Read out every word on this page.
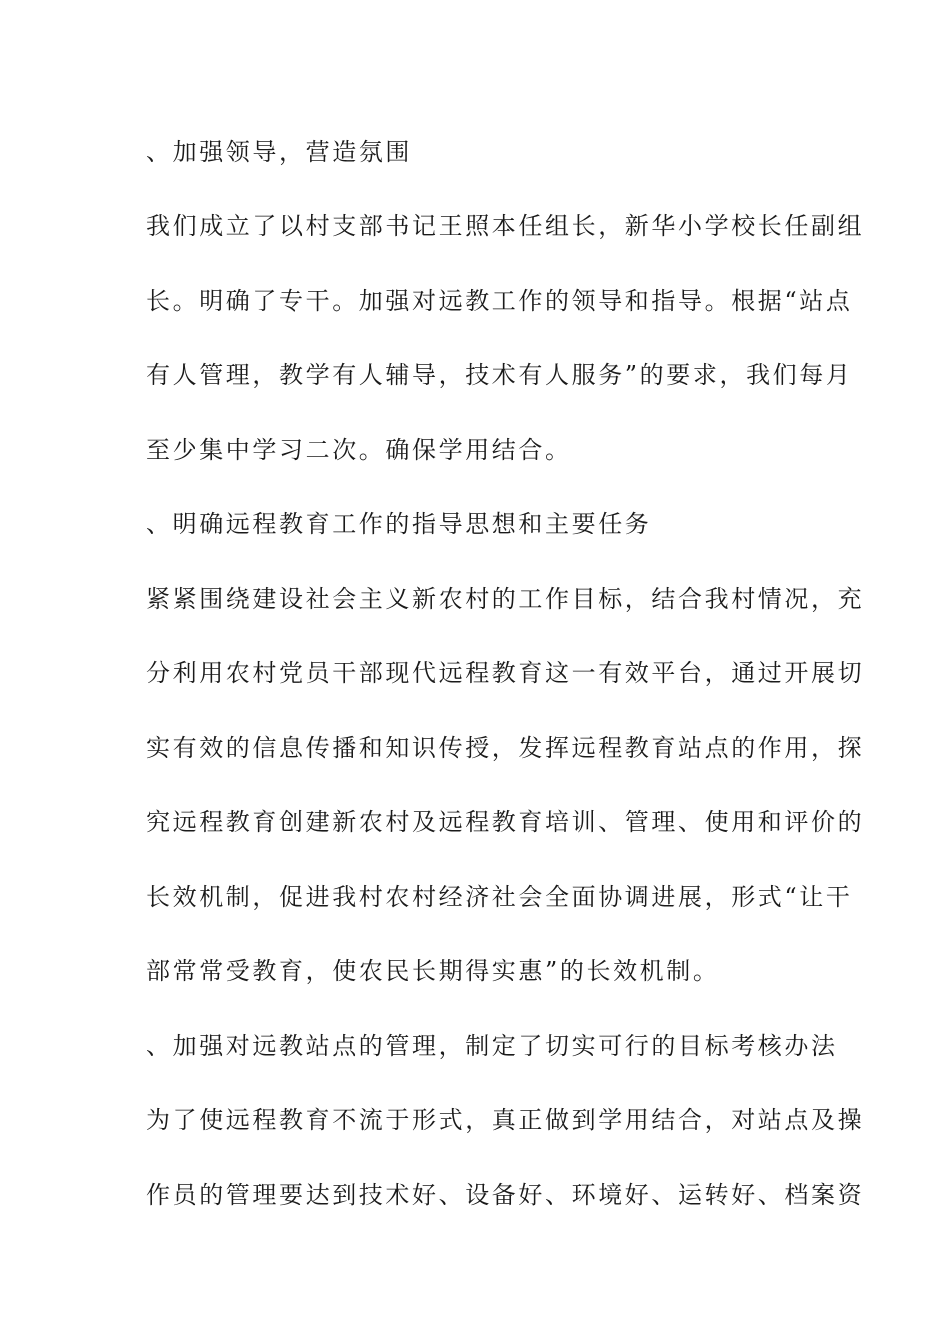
、加强领导，营造氛围
我们成立了以村支部书记王照本任组长，新华小学校长任副组
长。明确了专干。加强对远教工作的领导和指导。根据“站点
有人管理，教学有人辅导，技术有人服务”的要求，我们每月
至少集中学习二次。确保学用结合。
、明确远程教育工作的指导思想和主要任务
紧紧围绕建设社会主义新农村的工作目标，结合我村情况，充
分利用农村党员干部现代远程教育这一有效平台，通过开展切
实有效的信息传播和知识传授，发挥远程教育站点的作用，探
究远程教育创建新农村及远程教育培训、管理、使用和评价的
长效机制，促进我村农村经济社会全面协调进展，形式“让干
部常常受教育，使农民长期得实惠”的长效机制。
、加强对远教站点的管理，制定了切实可行的目标考核办法
为了使远程教育不流于形式，真正做到学用结合，对站点及操
作员的管理要达到技术好、设备好、环境好、运转好、档案资
